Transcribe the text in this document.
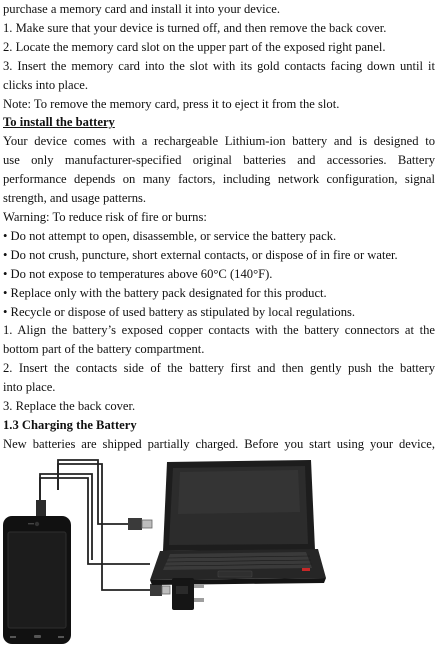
purchase a memory card and install it into your device.
1. Make sure that your device is turned off, and then remove the back cover.
2. Locate the memory card slot on the upper part of the exposed right panel.
3. Insert the memory card into the slot with its gold contacts facing down until it
clicks into place.
Note: To remove the memory card, press it to eject it from the slot.
To install the battery
Your device comes with a rechargeable Lithium-ion battery and is designed to
use only manufacturer-specified original batteries and accessories. Battery
performance depends on many factors, including network configuration, signal
strength, and usage patterns.
Warning: To reduce risk of fire or burns:
• Do not attempt to open, disassemble, or service the battery pack.
• Do not crush, puncture, short external contacts, or dispose of in fire or water.
• Do not expose to temperatures above 60°C (140°F).
• Replace only with the battery pack designated for this product.
• Recycle or dispose of used battery as stipulated by local regulations.
1. Align the battery’s exposed copper contacts with the battery connectors at the
bottom part of the battery compartment.
2. Insert the contacts side of the battery first and then gently push the battery
into place.
3. Replace the back cover.
1.3 Charging the Battery
New batteries are shipped partially charged. Before you start using your device,
